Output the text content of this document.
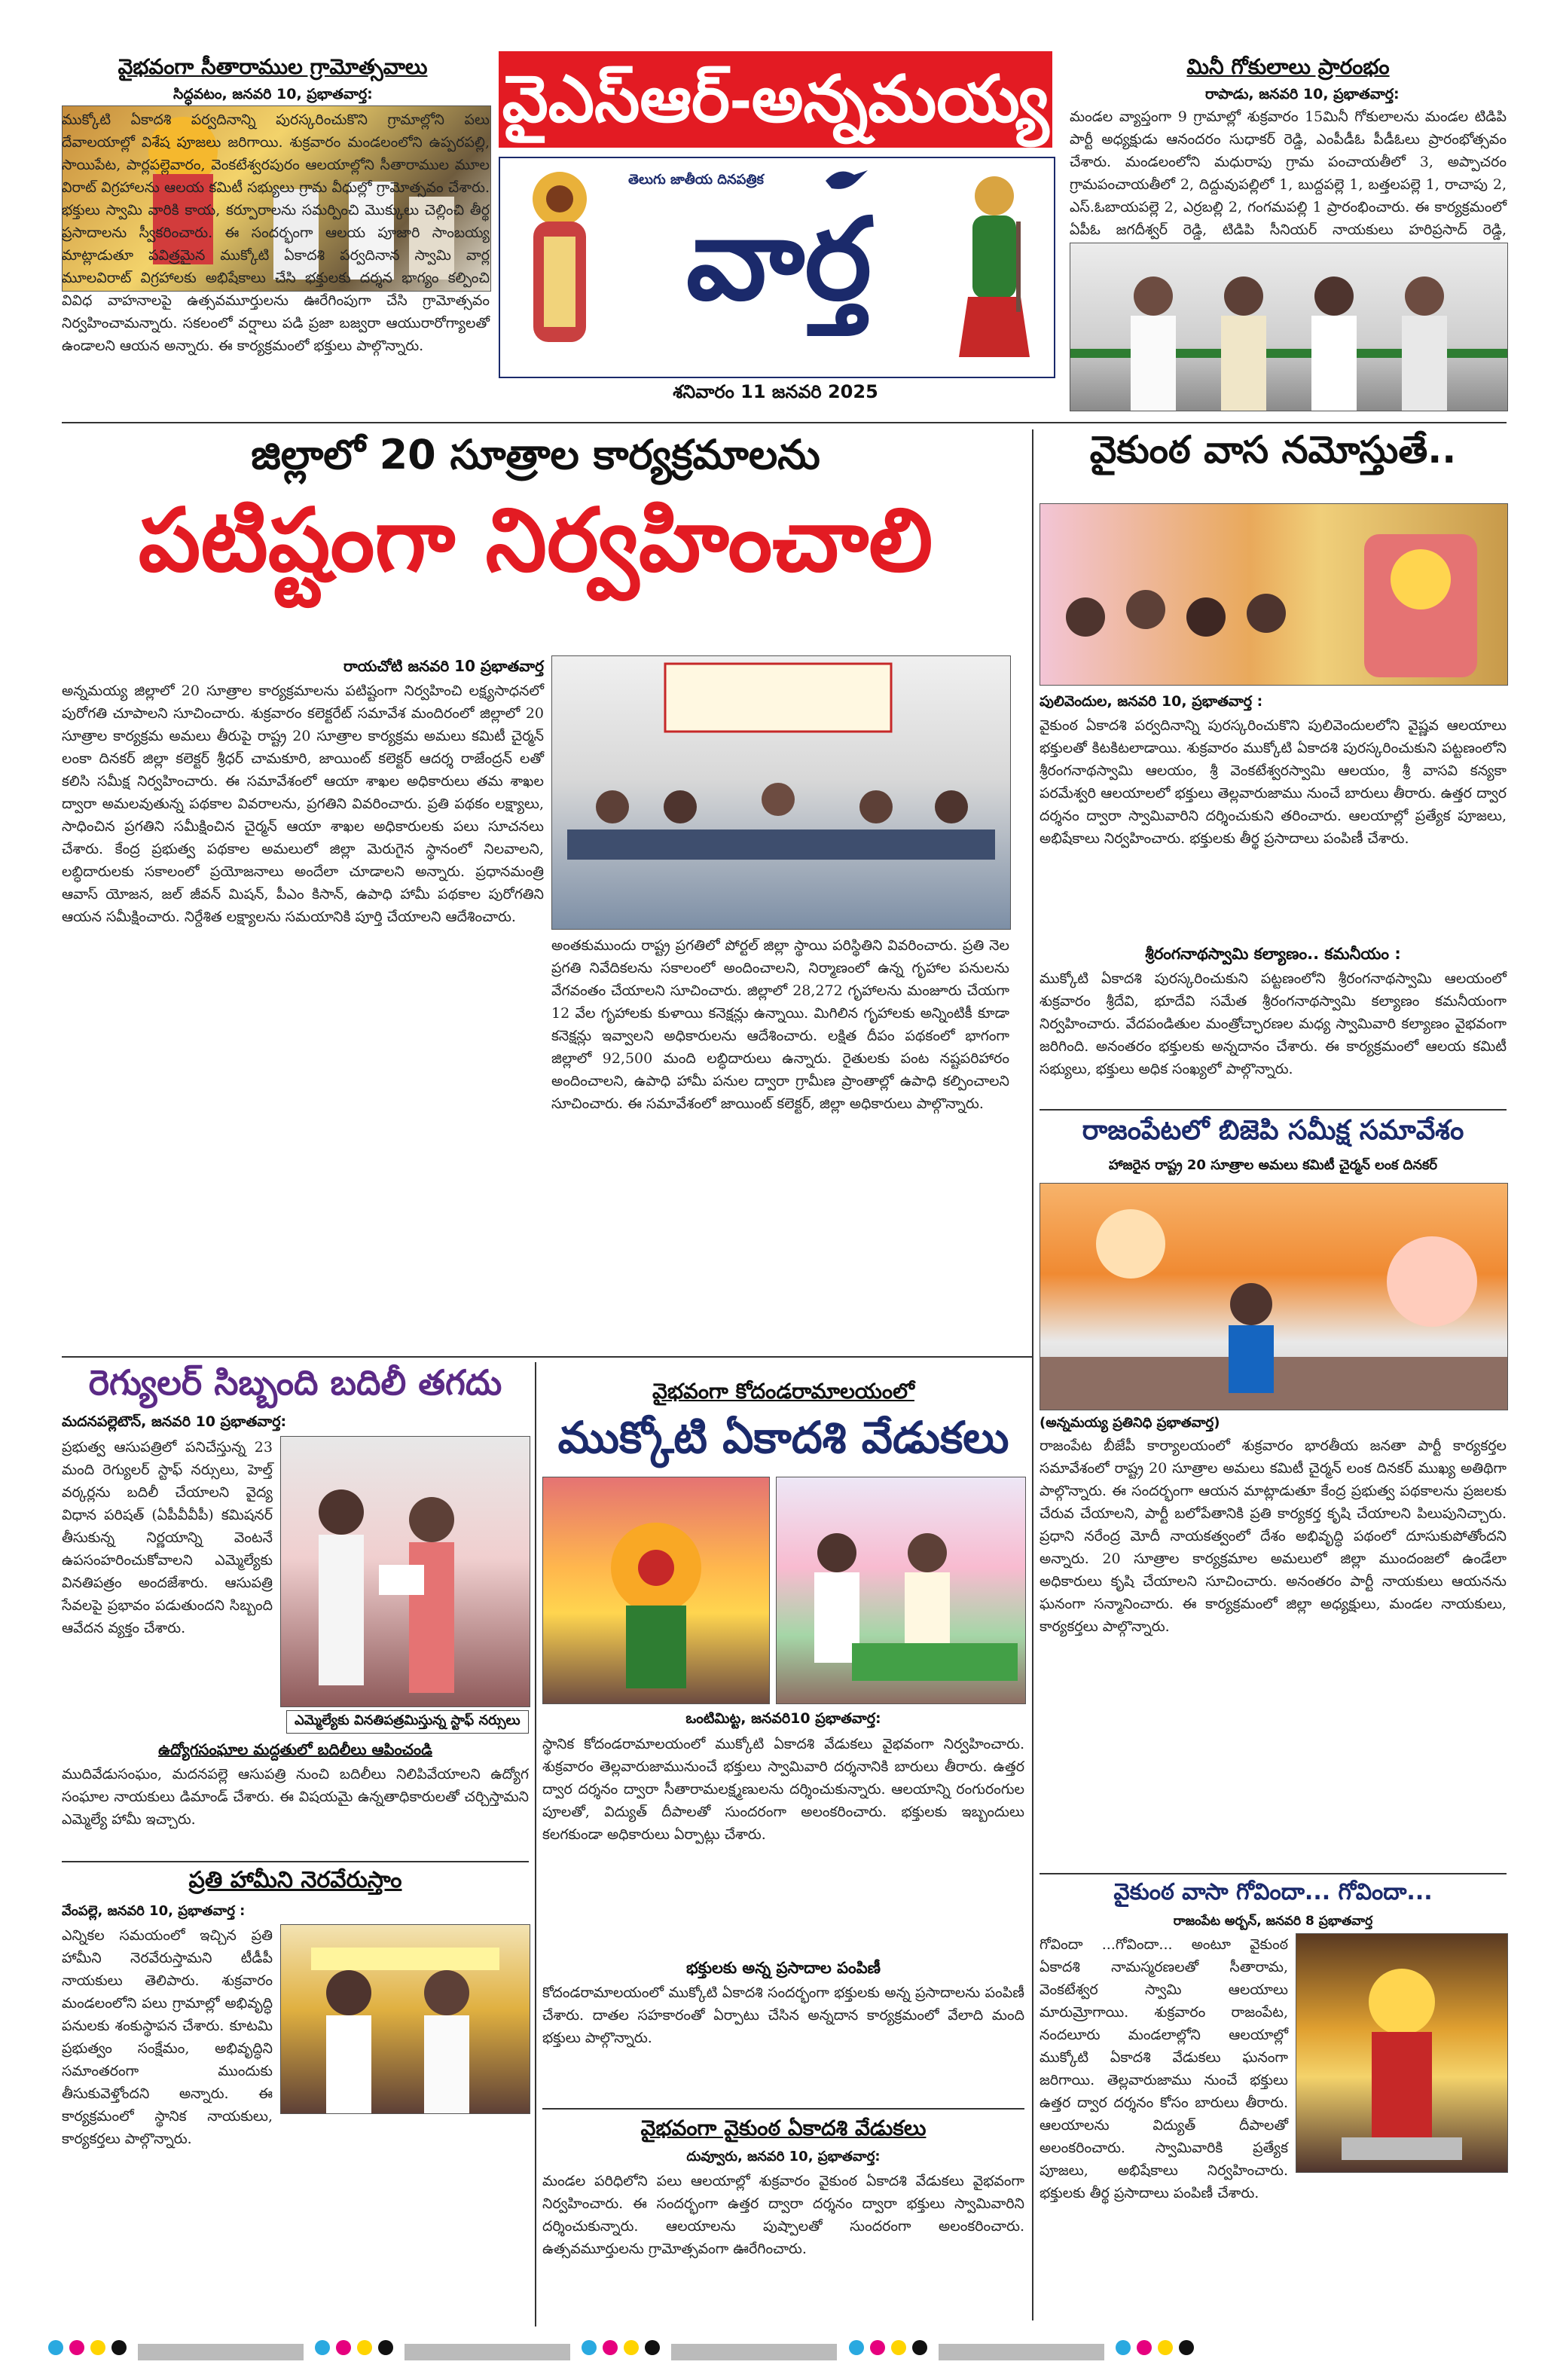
వైఎస్ఆర్-అన్నమయ్య
తెలుగు జాతీయ దినపత్రిక
వార్త
శనివారం 11 జనవరి 2025
వైభవంగా సీతారాముల గ్రామోత్సవాలు
సిద్ధవటం, జనవరి 10, ప్రభాతవార్త:
ముక్కోటి ఏకాదశి పర్వదినాన్ని పురస్కరించుకొని గ్రామాల్లోని పలు దేవాలయాల్లో విశేష పూజలు జరిగాయి. శుక్రవారం మండలంలోని ఉప్పరపల్లి, సాయిపేట, పార్లపల్లెవారం, వెంకటేశ్వరపురం ఆలయాల్లోని సీతారాముల మూల విరాట్ విగ్రహాలను ఆలయ కమిటీ సభ్యులు గ్రామ వీధుల్లో గ్రామోత్సవం చేశారు. భక్తులు స్వామి వారికి కాయ, కర్పూరాలను సమర్పించి మొక్కులు చెల్లించి తీర్థ ప్రసాదాలను స్వీకరించారు. ఈ సందర్భంగా ఆలయ పూజారి సాంబయ్య మాట్లాడుతూ పవిత్రమైన ముక్కోటి ఏకాదశి పర్వదినాన స్వామి వార్ల మూలవిరాట్ విగ్రహాలకు అభిషేకాలు చేసి భక్తులకు దర్శన భాగ్యం కల్పించి వివిధ వాహనాలపై ఉత్సవమూర్తులను ఊరేగింపుగా చేసి గ్రామోత్సవం నిర్వహించామన్నారు. సకలంలో వర్షాలు పడి ప్రజా బజ్వరా ఆయురారోగ్యాలతో ఉండాలని ఆయన అన్నారు. ఈ కార్యక్రమంలో భక్తులు పాల్గొన్నారు.
మినీ గోకులాలు ప్రారంభం
రాపాడు, జనవరి 10, ప్రభాతవార్త:
మండల వ్యాప్తంగా 9 గ్రామాల్లో శుక్రవారం 15మినీ గోకులాలను మండల టిడిపి పార్టీ అధ్యక్షుడు ఆనందరం సుధాకర్ రెడ్డి, ఎంపీడీఓ పీడీఓలు ప్రారంభోత్సవం చేశారు. మండలంలోని మధురాపు గ్రామ పంచాయతీలో 3, అప్పాచరం గ్రామపంచాయతీలో 2, దిద్దువుపల్లిలో 1, బుద్దపల్లె 1, బత్తలపల్లె 1, రాచాపు 2, ఎస్.ఓబాయపల్లె 2, ఎర్రబల్లి 2, గంగమపల్లి 1 ప్రారంభించారు. ఈ కార్యక్రమంలో ఏపీఓ జగదీశ్వర్ రెడ్డి, టిడిపి సీనియర్ నాయకులు హరిప్రసాద్ రెడ్డి,
జిల్లాలో 20 సూత్రాల కార్యక్రమాలను
పటిష్టంగా నిర్వహించాలి
రాయచోటి జనవరి 10 ప్రభాతవార్త
అన్నమయ్య జిల్లాలో 20 సూత్రాల కార్యక్రమాలను పటిష్టంగా నిర్వహించి లక్ష్యసాధనలో పురోగతి చూపాలని సూచించారు. శుక్రవారం కలెక్టరేట్ సమావేశ మందిరంలో జిల్లాలో 20 సూత్రాల కార్యక్రమ అమలు తీరుపై రాష్ట్ర 20 సూత్రాల కార్యక్రమ అమలు కమిటీ చైర్మన్ లంకా దినకర్ జిల్లా కలెక్టర్ శ్రీధర్ చామకూరి, జాయింట్ కలెక్టర్ ఆదర్శ రాజేంద్రన్ లతో కలిసి సమీక్ష నిర్వహించారు. ఈ సమావేశంలో ఆయా శాఖల అధికారులు తమ శాఖల ద్వారా అమలవుతున్న పథకాల వివరాలను, ప్రగతిని వివరించారు. ప్రతి పథకం లక్ష్యాలు, సాధించిన ప్రగతిని సమీక్షించిన చైర్మన్ ఆయా శాఖల అధికారులకు పలు సూచనలు చేశారు. కేంద్ర ప్రభుత్వ పథకాల అమలులో జిల్లా మెరుగైన స్థానంలో నిలవాలని, లబ్ధిదారులకు సకాలంలో ప్రయోజనాలు అందేలా చూడాలని అన్నారు. ప్రధానమంత్రి ఆవాస్ యోజన, జల్ జీవన్ మిషన్, పీఎం కిసాన్, ఉపాధి హామీ పథకాల పురోగతిని ఆయన సమీక్షించారు. నిర్దేశిత లక్ష్యాలను సమయానికి పూర్తి చేయాలని ఆదేశించారు.
అంతకుముందు రాష్ట్ర ప్రగతిలో పోర్టల్ జిల్లా స్థాయి పరిస్థితిని వివరించారు. ప్రతి నెల ప్రగతి నివేదికలను సకాలంలో అందించాలని, నిర్మాణంలో ఉన్న గృహాల పనులను వేగవంతం చేయాలని సూచించారు. జిల్లాలో 28,272 గృహాలను మంజూరు చేయగా 12 వేల గృహాలకు కుళాయి కనెక్షన్లు ఉన్నాయి. మిగిలిన గృహాలకు అన్నింటికీ కూడా కనెక్షన్లు ఇవ్వాలని అధికారులను ఆదేశించారు. లక్షిత దీపం పథకంలో భాగంగా జిల్లాలో 92,500 మంది లబ్ధిదారులు ఉన్నారు. రైతులకు పంట నష్టపరిహారం అందించాలని, ఉపాధి హామీ పనుల ద్వారా గ్రామీణ ప్రాంతాల్లో ఉపాధి కల్పించాలని సూచించారు. ఈ సమావేశంలో జాయింట్ కలెక్టర్, జిల్లా అధికారులు పాల్గొన్నారు.
వైకుంఠ వాస నమోస్తుతే..
పులివెందుల, జనవరి 10, ప్రభాతవార్త :
వైకుంఠ ఏకాదశి పర్వదినాన్ని పురస్కరించుకొని పులివెందులలోని వైష్ణవ ఆలయాలు భక్తులతో కిటకిటలాడాయి. శుక్రవారం ముక్కోటి ఏకాదశి పురస్కరించుకుని పట్టణంలోని శ్రీరంగనాథస్వామి ఆలయం, శ్రీ వెంకటేశ్వరస్వామి ఆలయం, శ్రీ వాసవి కన్యకా పరమేశ్వరి ఆలయాలలో భక్తులు తెల్లవారుజాము నుంచే బారులు తీరారు. ఉత్తర ద్వార దర్శనం ద్వారా స్వామివారిని దర్శించుకుని తరించారు. ఆలయాల్లో ప్రత్యేక పూజలు, అభిషేకాలు నిర్వహించారు. భక్తులకు తీర్థ ప్రసాదాలు పంపిణీ చేశారు.
శ్రీరంగనాథస్వామి కల్యాణం.. కమనీయం :
ముక్కోటి ఏకాదశి పురస్కరించుకుని పట్టణంలోని శ్రీరంగనాథస్వామి ఆలయంలో శుక్రవారం శ్రీదేవి, భూదేవి సమేత శ్రీరంగనాథస్వామి కల్యాణం కమనీయంగా నిర్వహించారు. వేదపండితుల మంత్రోచ్ఛారణల మధ్య స్వామివారి కల్యాణం వైభవంగా జరిగింది. అనంతరం భక్తులకు అన్నదానం చేశారు. ఈ కార్యక్రమంలో ఆలయ కమిటీ సభ్యులు, భక్తులు అధిక సంఖ్యలో పాల్గొన్నారు.
రాజంపేటలో బిజెపి సమీక్ష సమావేశం
హాజరైన రాష్ట్ర 20 సూత్రాల అమలు కమిటీ చైర్మన్ లంక దినకర్
(అన్నమయ్య ప్రతినిధి ప్రభాతవార్త)
రాజంపేట బీజేపీ కార్యాలయంలో శుక్రవారం భారతీయ జనతా పార్టీ కార్యకర్తల సమావేశంలో రాష్ట్ర 20 సూత్రాల అమలు కమిటీ చైర్మన్ లంక దినకర్ ముఖ్య అతిథిగా పాల్గొన్నారు. ఈ సందర్భంగా ఆయన మాట్లాడుతూ కేంద్ర ప్రభుత్వ పథకాలను ప్రజలకు చేరువ చేయాలని, పార్టీ బలోపేతానికి ప్రతి కార్యకర్త కృషి చేయాలని పిలుపునిచ్చారు. ప్రధాని నరేంద్ర మోదీ నాయకత్వంలో దేశం అభివృద్ధి పథంలో దూసుకుపోతోందని అన్నారు. 20 సూత్రాల కార్యక్రమాల అమలులో జిల్లా ముందంజలో ఉండేలా అధికారులు కృషి చేయాలని సూచించారు. అనంతరం పార్టీ నాయకులు ఆయనను ఘనంగా సన్మానించారు. ఈ కార్యక్రమంలో జిల్లా అధ్యక్షులు, మండల నాయకులు, కార్యకర్తలు పాల్గొన్నారు.
వైకుంఠ వాసా గోవిందా... గోవిందా...
రాజంపేట అర్బన్, జనవరి 8 ప్రభాతవార్త
గోవిందా ...గోవిందా... అంటూ వైకుంఠ ఏకాదశి నామస్మరణలతో సీతారామ, వెంకటేశ్వర స్వామి ఆలయాలు మారుమ్రోగాయి. శుక్రవారం రాజంపేట, నందలూరు మండలాల్లోని ఆలయాల్లో ముక్కోటి ఏకాదశి వేడుకలు ఘనంగా జరిగాయి. తెల్లవారుజాము నుంచే భక్తులు ఉత్తర ద్వార దర్శనం కోసం బారులు తీరారు. ఆలయాలను విద్యుత్ దీపాలతో అలంకరించారు. స్వామివారికి ప్రత్యేక పూజలు, అభిషేకాలు నిర్వహించారు. భక్తులకు తీర్థ ప్రసాదాలు పంపిణీ చేశారు.
రెగ్యులర్ సిబ్బంది బదిలీ తగదు
మదనపల్లెటౌన్, జనవరి 10 ప్రభాతవార్త:
ప్రభుత్వ ఆసుపత్రిలో పనిచేస్తున్న 23 మంది రెగ్యులర్ స్టాఫ్ నర్సులు, హెల్త్ వర్కర్లను బదిలీ చేయాలని వైద్య విధాన పరిషత్ (ఏపీవీవీపీ) కమిషనర్ తీసుకున్న నిర్ణయాన్ని వెంటనే ఉపసంహరించుకోవాలని ఎమ్మెల్యేకు వినతిపత్రం అందజేశారు. ఆసుపత్రి సేవలపై ప్రభావం పడుతుందని సిబ్బంది ఆవేదన వ్యక్తం చేశారు.
ఎమ్మెల్యేకు వినతిపత్రమిస్తున్న స్టాఫ్ నర్సులు
ఉద్యోగసంఘాల మద్దతులో బదిలీలు ఆపించండి
ముదివేడుసంఘం, మదనపల్లె ఆసుపత్రి నుంచి బదిలీలు నిలిపివేయాలని ఉద్యోగ సంఘాల నాయకులు డిమాండ్ చేశారు. ఈ విషయమై ఉన్నతాధికారులతో చర్చిస్తామని ఎమ్మెల్యే హామీ ఇచ్చారు.
ప్రతి హామీని నెరవేరుస్తాం
వేంపల్లె, జనవరి 10, ప్రభాతవార్త :
ఎన్నికల సమయంలో ఇచ్చిన ప్రతి హామీని నెరవేరుస్తామని టీడీపీ నాయకులు తెలిపారు. శుక్రవారం మండలంలోని పలు గ్రామాల్లో అభివృద్ధి పనులకు శంకుస్థాపన చేశారు. కూటమి ప్రభుత్వం సంక్షేమం, అభివృద్ధిని సమాంతరంగా ముందుకు తీసుకువెళ్తోందని అన్నారు. ఈ కార్యక్రమంలో స్థానిక నాయకులు, కార్యకర్తలు పాల్గొన్నారు.
వైభవంగా కోదండరామాలయంలో
ముక్కోటి ఏకాదశి వేడుకలు
ఒంటిమిట్ట, జనవరి10 ప్రభాతవార్త:
స్థానిక కోదండరామాలయంలో ముక్కోటి ఏకాదశి వేడుకలు వైభవంగా నిర్వహించారు. శుక్రవారం తెల్లవారుజామునుంచే భక్తులు స్వామివారి దర్శనానికి బారులు తీరారు. ఉత్తర ద్వార దర్శనం ద్వారా సీతారామలక్ష్మణులను దర్శించుకున్నారు. ఆలయాన్ని రంగురంగుల పూలతో, విద్యుత్ దీపాలతో సుందరంగా అలంకరించారు. భక్తులకు ఇబ్బందులు కలగకుండా అధికారులు ఏర్పాట్లు చేశారు.
భక్తులకు అన్న ప్రసాదాల పంపిణీ
కోదండరామాలయంలో ముక్కోటి ఏకాదశి సందర్భంగా భక్తులకు అన్న ప్రసాదాలను పంపిణీ చేశారు. దాతల సహకారంతో ఏర్పాటు చేసిన అన్నదాన కార్యక్రమంలో వేలాది మంది భక్తులు పాల్గొన్నారు.
వైభవంగా వైకుంఠ ఏకాదశి వేడుకలు
దువ్వూరు, జనవరి 10, ప్రభాతవార్త:
మండల పరిధిలోని పలు ఆలయాల్లో శుక్రవారం వైకుంఠ ఏకాదశి వేడుకలు వైభవంగా నిర్వహించారు. ఈ సందర్భంగా ఉత్తర ద్వారా దర్శనం ద్వారా భక్తులు స్వామివారిని దర్శించుకున్నారు. ఆలయాలను పుష్పాలతో సుందరంగా అలంకరించారు. ఉత్సవమూర్తులను గ్రామోత్సవంగా ఊరేగించారు.
